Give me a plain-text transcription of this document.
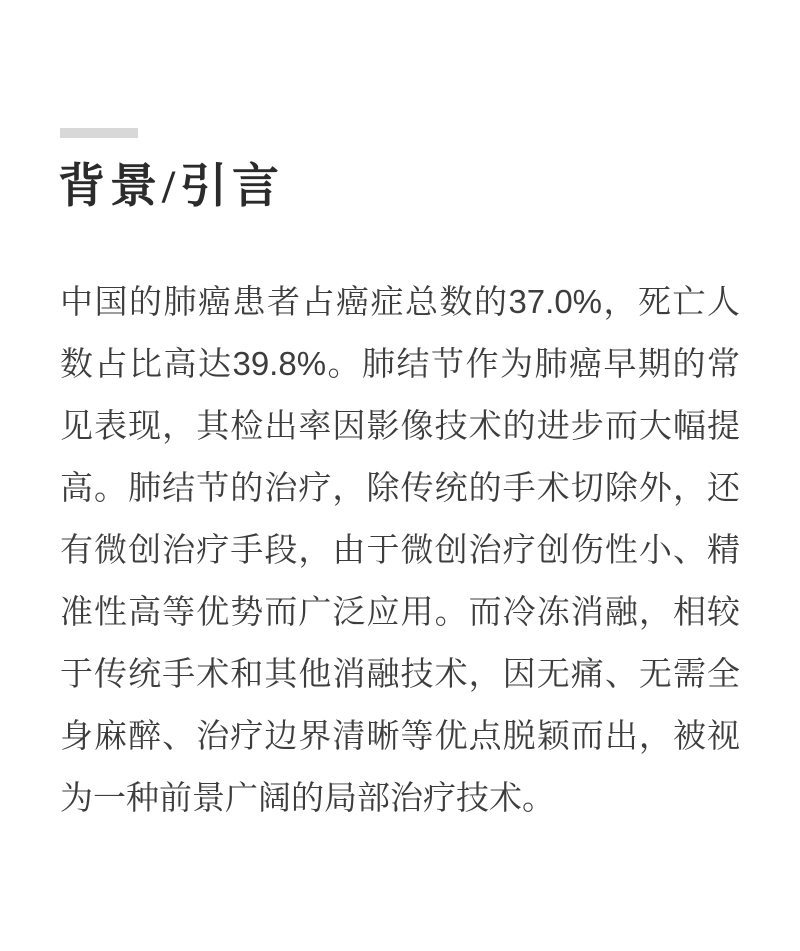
背景/引言

中国的肺癌患者占癌症总数的37.0%，死亡人

数占比高达39.8%。肺结节作为肺癌早期的常

见表现，其检出率因影像技术的进步而大幅提

高。肺结节的治疗，除传统的手术切除外，还

有微创治疗手段，由于微创治疗创伤性小、精

准性高等优势而广泛应用。而冷冻消融，相较

于传统手术和其他消融技术，因无痛、无需全

身麻醉、治疗边界清晰等优点脱颖而出，被视

为一种前景广阔的局部治疗技术。
